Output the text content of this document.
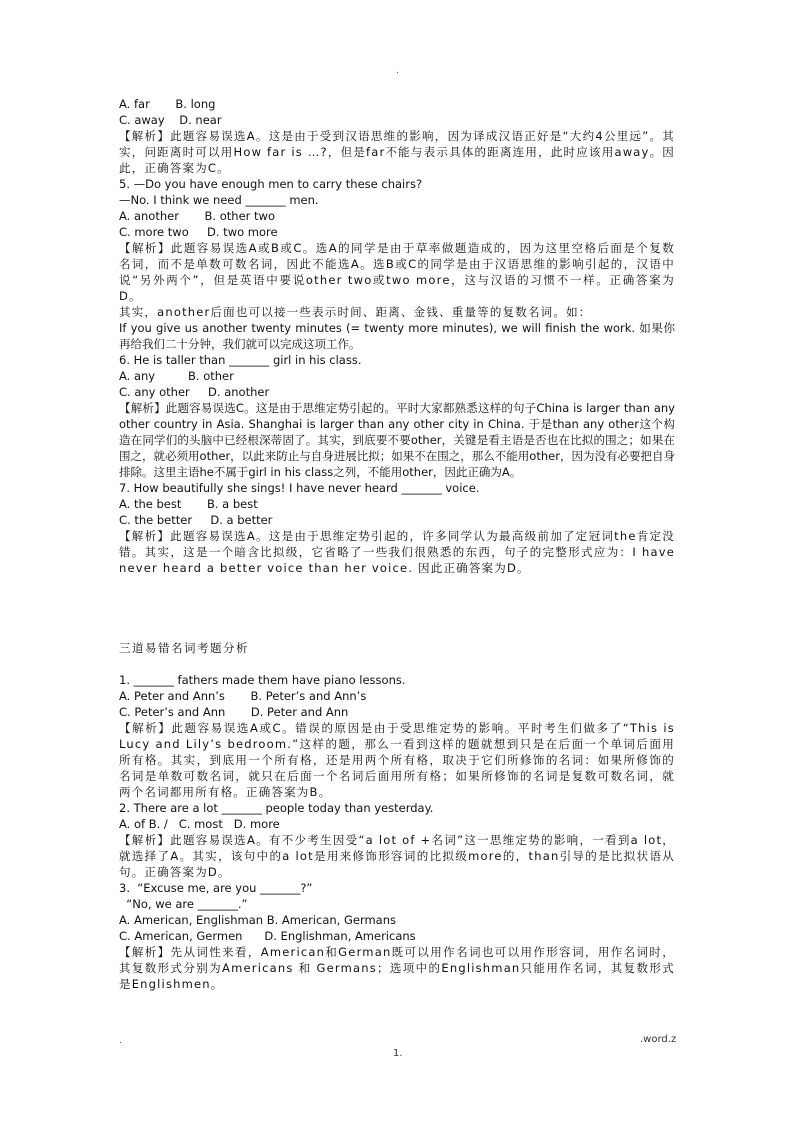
.
A. far       B. long
C. away    D. near
【解析】此题容易误选A。这是由于受到汉语思维的影响，因为译成汉语正好是“大约4公里远”。其实，问距离时可以用How far is …?，但是far不能与表示具体的距离连用，此时应该用away。因此，正确答案为C。
5. —Do you have enough men to carry these chairs?
—No. I think we need _______ men.
A. another       B. other two
C. more two     D. two more
【解析】此题容易误选A或B或C。选A的同学是由于草率做题造成的，因为这里空格后面是个复数名词，而不是单数可数名词，因此不能选A。选B或C的同学是由于汉语思维的影响引起的，汉语中说“另外两个”，但是英语中要说other two或two more，这与汉语的习惯不一样。正确答案为D。
其实，another后面也可以接一些表示时间、距离、金钱、重量等的复数名词。如：
If you give us another twenty minutes (= twenty more minutes), we will finish the work. 如果你再给我们二十分钟，我们就可以完成这项工作。
6. He is taller than _______ girl in his class.
A. any         B. other
C. any other     D. another
【解析】此题容易误选C。这是由于思维定势引起的。平时大家都熟悉这样的句子China is larger than any other country in Asia. Shanghai is larger than any other city in China. 于是than any other这个构造在同学们的头脑中已经根深蒂固了。其实，到底要不要other，关键是看主语是否也在比拟的围之；如果在围之，就必须用other，以此来防止与自身进展比拟；如果不在围之，那么不能用other，因为没有必要把自身排除。这里主语he不属于girl in his class之列，不能用other，因此正确为A。
7. How beautifully she sings! I have never heard _______ voice.
A. the best       B. a best
C. the better     D. a better
【解析】此题容易误选A。这是由于思维定势引起的，许多同学认为最高级前加了定冠词the肯定没错。其实，这是一个暗含比拟级，它省略了一些我们很熟悉的东西，句子的完整形式应为：I have never heard a better voice than her voice. 因此正确答案为D。
三道易错名词考题分析
1. _______ fathers made them have piano lessons.
A. Peter and Ann’s       B. Peter’s and Ann’s
C. Peter’s and Ann       D. Peter and Ann
【解析】此题容易误选A或C。错误的原因是由于受思维定势的影响。平时考生们做多了“This is Lucy and Lily’s bedroom.”这样的题，那么一看到这样的题就想到只是在后面一个单词后面用所有格。其实，到底用一个所有格，还是用两个所有格，取决于它们所修饰的名词：如果所修饰的名词是单数可数名词，就只在后面一个名词后面用所有格；如果所修饰的名词是复数可数名词，就两个名词都用所有格。正确答案为B。
2. There are a lot _______ people today than yesterday.
A. of B. /   C. most   D. more
【解析】此题容易误选A。有不少考生因受“a lot of +名词”这一思维定势的影响，一看到a lot，就选择了A。其实，该句中的a lot是用来修饰形容词的比拟级more的，than引导的是比拟状语从句。正确答案为D。
3.  “Excuse me, are you _______?”
“No, we are _______.”
A. American, Englishman B. American, Germans
C. American, Germen      D. Englishman, Americans
【解析】先从词性来看，American和German既可以用作名词也可以用作形容词，用作名词时，其复数形式分别为Americans 和 Germans；选项中的Englishman只能用作名词，其复数形式是Englishmen。
.	.word.z
1.
